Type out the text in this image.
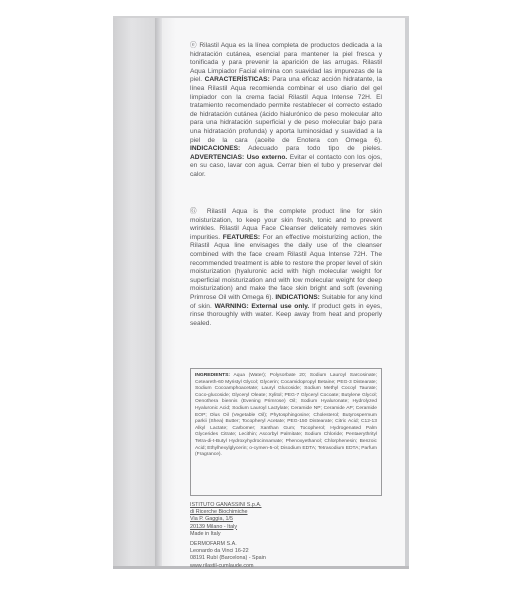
ⓔ Rilastil Aqua es la línea completa de productos dedicada a la hidratación cutánea, esencial para mantener la piel fresca y tonificada y para prevenir la aparición de las arrugas. Rilastil Aqua Limpiador Facial elimina con suavidad las impurezas de la piel. CARACTERÍSTICAS: Para una eficaz acción hidratante, la línea Rilastil Aqua recomienda combinar el uso diario del gel limpiador con la crema facial Rilastil Aqua Intense 72H. El tratamiento recomendado permite restablecer el correcto estado de hidratación cutánea (ácido hialurónico de peso molecular alto para una hidratación superficial y de peso molecular bajo para una hidratación profunda) y aporta luminosidad y suavidad a la piel de la cara (aceite de Enotera con Omega 6). INDICACIONES: Adecuado para todo tipo de pieles. ADVERTENCIAS: Uso externo. Evitar el contacto con los ojos, en su caso, lavar con agua. Cerrar bien el tubo y preservar del calor.
Ⓖ Rilastil Aqua is the complete product line for skin moisturization, to keep your skin fresh, tonic and to prevent wrinkles. Rilastil Aqua Face Cleanser delicately removes skin impurities. FEATURES: For an effective moisturizing action, the Rilastil Aqua line envisages the daily use of the cleanser combined with the face cream Rilastil Aqua Intense 72H. The recommended treatment is able to restore the proper level of skin moisturization (hyaluronic acid with high molecular weight for superficial moisturization and with low molecular weight for deep moisturization) and make the face skin bright and soft (evening Primrose Oil with Omega 6). INDICATIONS: Suitable for any kind of skin. WARNING: External use only. If product gets in eyes, rinse thoroughly with water. Keep away from heat and properly sealed.
INGREDIENTS: Aqua (Water); Polysorbate 20; Sodium Lauroyl Sarcosinate; Ceteareth-60 Myristyl Glycol; Glycerin; Cocamidopropyl Betaine; PEG-3 Distearate; Sodium Cocoamphoacetate; Lauryl Glucoside; Sodium Methyl Cocoyl Taurate; Coco-glucoside; Glyceryl Oleate; Xylitol; PEG-7 Glyceryl Cocoate; Butylene Glycol; Oenothera biennis (Evening Primrose) Oil; Sodium Hyaluronate; Hydrolyzed Hyaluronic Acid; Sodium Lauroyl Lactylate; Ceramide NP; Ceramide AP; Ceramide EOP; Olus Oil (Vegetable Oil); Phytosphingosine; Cholesterol; Butyrospermum parkii (Shea) Butter; Tocopheryl Acetate; PEG-150 Distearate; Citric Acid; C12-13 Alkyl Lactate; Carbomer; Xanthan Gum; Tocopherol; Hydrogenated Palm Glycerides Citrate; Lecithin; Ascorbyl Palmitate; Sodium Chloride; Pentaerythrityl Tetra-di-t-Butyl Hydroxyhydrocinnamate; Phenoxyethanol; Chlorphenesin; Benzoic Acid; Ethylhexylglycerin; o-cymen-5-ol; Disodium EDTA; Tetrasodium EDTA; Parfum (Fragrance).
ISTITUTO GANASSINI S.p.A.
di Ricerche Biochimiche
Via P. Gaggia, 1/5
20139 Milano - Italy
Made in Italy
DERMOFARM S.A.
Leonardo da Vinci 16-22
08191 Rubí (Barcelona) - Spain
www.rilastil-cumlaude.com
